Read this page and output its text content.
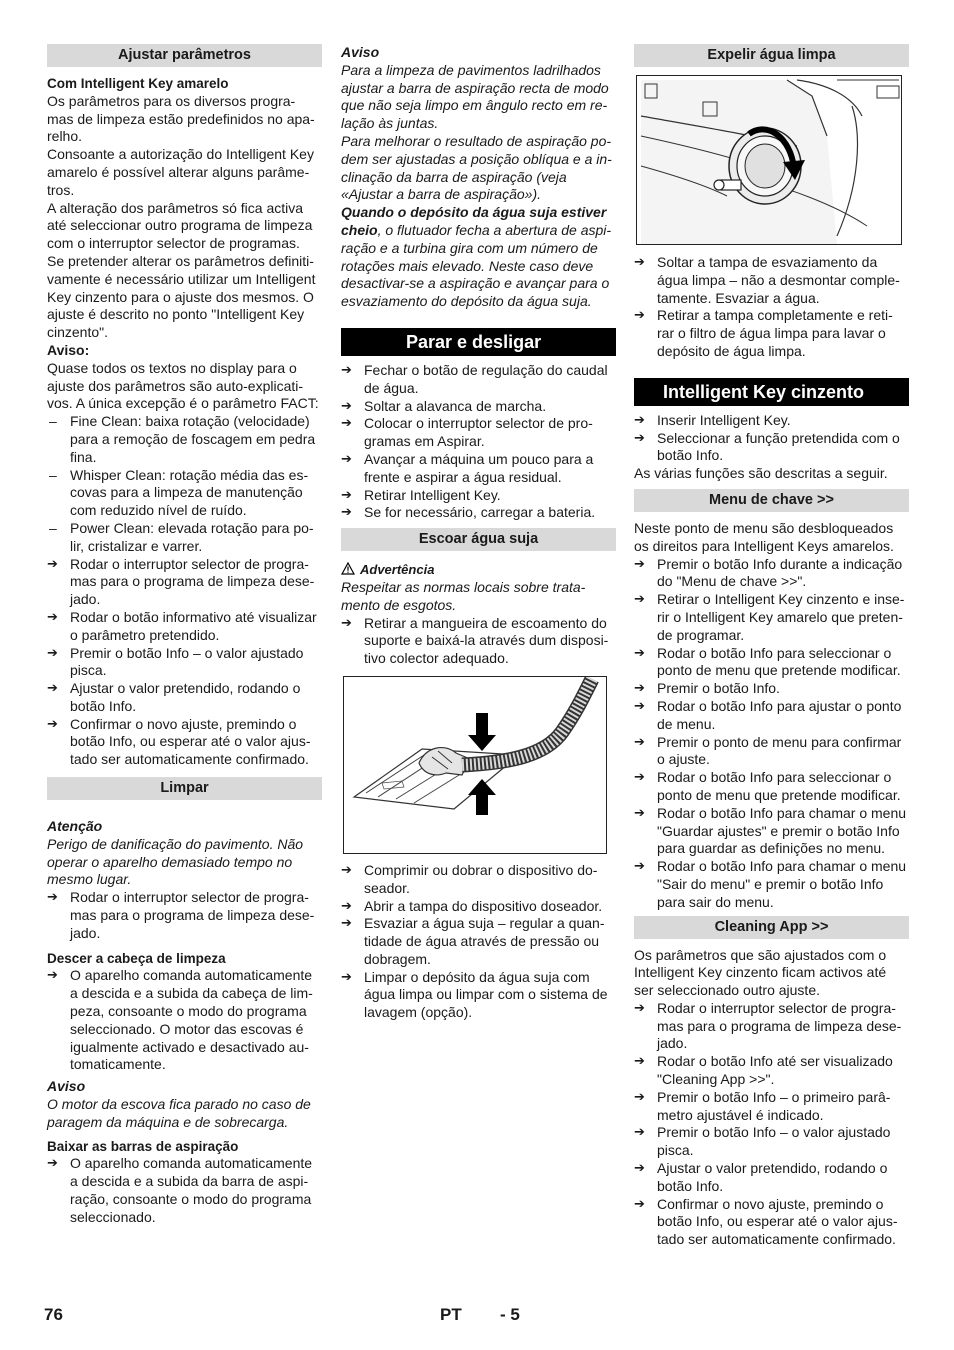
Ajustar parâmetros

Com Intelligent Key amarelo

Os parâmetros para os diversos progra- mas de limpeza estão predefinidos no apa- relho.

Consoante a autorização do Intelligent Key amarelo é possível alterar alguns parâme- tros.

A alteração dos parâmetros só fica activa até seleccionar outro programa de limpeza com o interruptor selector de programas.

Se pretender alterar os parâmetros definiti- vamente é necessário utilizar um Intelligent Key cinzento para o ajuste dos mesmos. O ajuste é descrito no ponto "Intelligent Key cinzento".

Aviso:

Quase todos os textos no display para o ajuste dos parâmetros são auto-explicati- vos. A única excepção é o parâmetro FACT:

– Fine Clean: baixa rotação (velocidade) para a remoção de foscagem em pedra fina.
– Whisper Clean: rotação média das es- covas para a limpeza de manutenção com reduzido nível de ruído.
– Power Clean: elevada rotação para po- lir, cristalizar e varrer.
➔ Rodar o interruptor selector de progra- mas para o programa de limpeza dese- jado.
➔ Rodar o botão informativo até visualizar o parâmetro pretendido.
➔ Premir o botão Info – o valor ajustado pisca.
➔ Ajustar o valor pretendido, rodando o botão Info.
➔ Confirmar o novo ajuste, premindo o botão Info, ou esperar até o valor ajus- tado ser automaticamente confirmado.
Limpar

Atenção

Perigo de danificação do pavimento. Não operar o aparelho demasiado tempo no mesmo lugar.

➔ Rodar o interruptor selector de progra- mas para o programa de limpeza dese- jado.

Descer a cabeça de limpeza

➔ O aparelho comanda automaticamente a descida e a subida da cabeça de lim- peza, consoante o modo do programa seleccionado. O motor das escovas é igualmente activado e desactivado au- tomaticamente.

Aviso

O motor da escova fica parado no caso de paragem da máquina e de sobrecarga.

Baixar as barras de aspiração

➔ O aparelho comanda automaticamente a descida e a subida da barra de aspi- ração, consoante o modo do programa seleccionado.

Aviso

Para a limpeza de pavimentos ladrilhados ajustar a barra de aspiração recta de modo que não seja limpo em ângulo recto em re- lação às juntas.

Para melhorar o resultado de aspiração po- dem ser ajustadas a posição oblíqua e a in- clinação da barra de aspiração (veja «Ajustar a barra de aspiração»).

Quando o depósito da água suja estiver cheio, o flutuador fecha a abertura de aspi- ração e a turbina gira com um número de rotações mais elevado. Neste caso deve desactivar-se a aspiração e avançar para o esvaziamento do depósito da água suja.

Parar e desligar
➔ Fechar o botão de regulação do caudal de água.
➔ Soltar a alavanca de marcha.
➔ Colocar o interruptor selector de pro- gramas em Aspirar.
➔ Avançar a máquina um pouco para a frente e aspirar a água residual.
➔ Retirar Intelligent Key.
➔ Se for necessário, carregar a bateria.
Escoar água suja

Advertência

Respeitar as normas locais sobre trata- mento de esgotos.

➔ Retirar a mangueira de escoamento do suporte e baixá-la através dum disposi- tivo colector adequado.
➔ Comprimir ou dobrar o dispositivo do- seador.
➔ Abrir a tampa do dispositivo doseador.
➔ Esvaziar a água suja – regular a quan- tidade de água através de pressão ou dobragem.
➔ Limpar o depósito da água suja com água limpa ou limpar com o sistema de lavagem (opção).
Expelir água limpa
➔ Soltar a tampa de esvaziamento da água limpa – não a desmontar comple- tamente. Esvaziar a água.
➔ Retirar a tampa completamente e reti- rar o filtro de água limpa para lavar o depósito de água limpa.
Intelligent Key cinzento
➔ Inserir Intelligent Key.
➔ Seleccionar a função pretendida com o botão Info.

As várias funções são descritas a seguir.

Menu de chave >>

Neste ponto de menu são desbloqueados os direitos para Intelligent Keys amarelos.

➔ Premir o botão Info durante a indicação do "Menu de chave >>".
➔ Retirar o Intelligent Key cinzento e inse- rir o Intelligent Key amarelo que preten- de programar.
➔ Rodar o botão Info para seleccionar o ponto de menu que pretende modificar.
➔ Premir o botão Info.
➔ Rodar o botão Info para ajustar o ponto de menu.
➔ Premir o ponto de menu para confirmar o ajuste.
➔ Rodar o botão Info para seleccionar o ponto de menu que pretende modificar.
➔ Rodar o botão Info para chamar o menu "Guardar ajustes" e premir o botão Info para guardar as definições no menu.
➔ Rodar o botão Info para chamar o menu "Sair do menu" e premir o botão Info para sair do menu.
Cleaning App >>

Os parâmetros que são ajustados com o Intelligent Key cinzento ficam activos até ser seleccionado outro ajuste.

➔ Rodar o interruptor selector de progra- mas para o programa de limpeza dese- jado.
➔ Rodar o botão Info até ser visualizado "Cleaning App >>".
➔ Premir o botão Info – o primeiro parâ- metro ajustável é indicado.
➔ Premir o botão Info – o valor ajustado pisca.
➔ Ajustar o valor pretendido, rodando o botão Info.
➔ Confirmar o novo ajuste, premindo o botão Info, ou esperar até o valor ajus- tado ser automaticamente confirmado.
76	PT - 5
